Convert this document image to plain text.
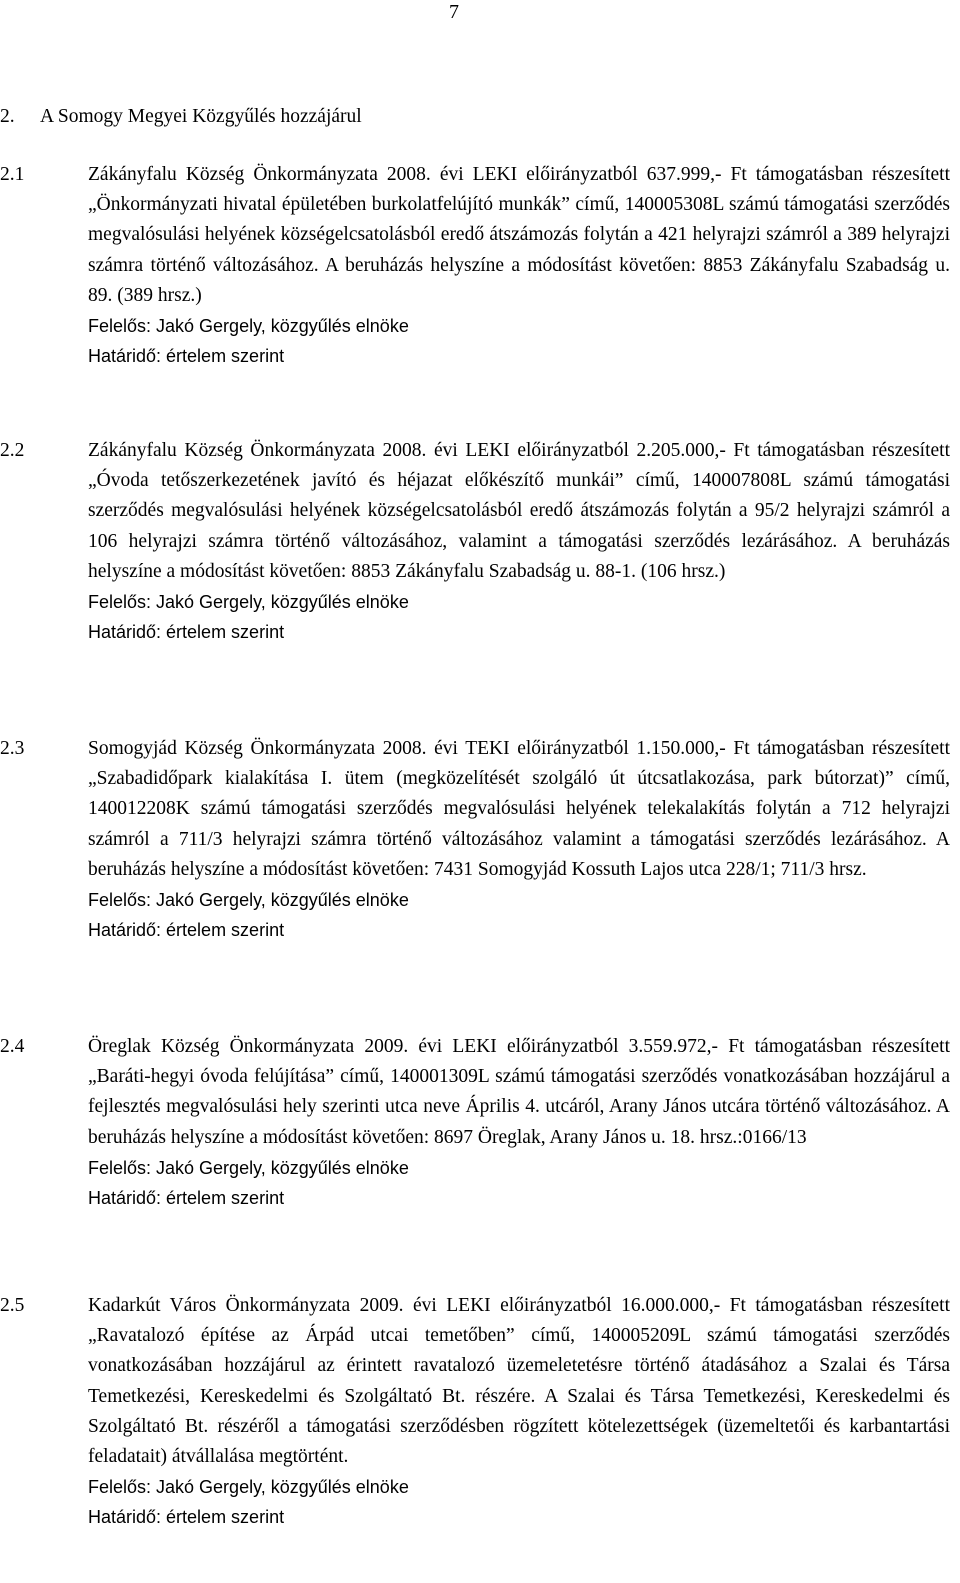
7
2. A Somogy Megyei Közgyűlés hozzájárul
2.1	Zákányfalu Község Önkormányzata 2008. évi LEKI előirányzatból 637.999,- Ft támogatásban részesített „Önkormányzati hivatal épületében burkolatfelújító munkák” című, 140005308L számú támogatási szerződés megvalósulási helyének községelcsatolásból eredő átszámozás folytán a 421 helyrajzi számról a 389 helyrajzi számra történő változásához. A beruházás helyszíne a módosítást követően: 8853 Zákányfalu Szabadság u. 89. (389 hrsz.)

Felelős: Jakó Gergely, közgyűlés elnöke

Határidő: értelem szerint

2.2	Zákányfalu Község Önkormányzata 2008. évi LEKI előirányzatból 2.205.000,- Ft támogatásban részesített „Óvoda tetőszerkezetének javító és héjazat előkészítő munkái” című, 140007808L számú támogatási szerződés megvalósulási helyének községelcsatolásból eredő átszámozás folytán a 95/2 helyrajzi számról a 106 helyrajzi számra történő változásához, valamint a támogatási szerződés lezárásához. A beruházás helyszíne a módosítást követően: 8853 Zákányfalu Szabadság u. 88-1. (106 hrsz.)

Felelős: Jakó Gergely, közgyűlés elnöke

Határidő: értelem szerint

2.3	Somogyjád Község Önkormányzata 2008. évi TEKI előirányzatból 1.150.000,- Ft támogatásban részesített „Szabadidőpark kialakítása I. ütem (megközelítését szolgáló út útcsatlakozása, park bútorzat)” című, 140012208K számú támogatási szerződés megvalósulási helyének telekalakítás folytán a 712 helyrajzi számról a 711/3 helyrajzi számra történő változásához valamint a támogatási szerződés lezárásához. A beruházás helyszíne a módosítást követően: 7431 Somogyjád Kossuth Lajos utca 228/1; 711/3 hrsz.

Felelős: Jakó Gergely, közgyűlés elnöke

Határidő: értelem szerint

2.4	Öreglak Község Önkormányzata 2009. évi LEKI előirányzatból 3.559.972,- Ft támogatásban részesített „Baráti-hegyi óvoda felújítása” című, 140001309L számú támogatási szerződés vonatkozásában hozzájárul a fejlesztés megvalósulási hely szerinti utca neve Április 4. utcáról, Arany János utcára történő változásához. A beruházás helyszíne a módosítást követően: 8697 Öreglak, Arany János u. 18. hrsz.:0166/13

Felelős: Jakó Gergely, közgyűlés elnöke

Határidő: értelem szerint

2.5	Kadarkút Város Önkormányzata 2009. évi LEKI előirányzatból 16.000.000,- Ft támogatásban részesített „Ravatalozó építése az Árpád utcai temetőben” című, 140005209L számú támogatási szerződés vonatkozásában hozzájárul az érintett ravatalozó üzemeletetésre történő átadásához a Szalai és Társa Temetkezési, Kereskedelmi és Szolgáltató Bt. részére. A Szalai és Társa Temetkezési, Kereskedelmi és Szolgáltató Bt. részéről a támogatási szerződésben rögzített kötelezettségek (üzemeltetői és karbantartási feladatait) átvállalása megtörtént.

Felelős: Jakó Gergely, közgyűlés elnöke

Határidő: értelem szerint
